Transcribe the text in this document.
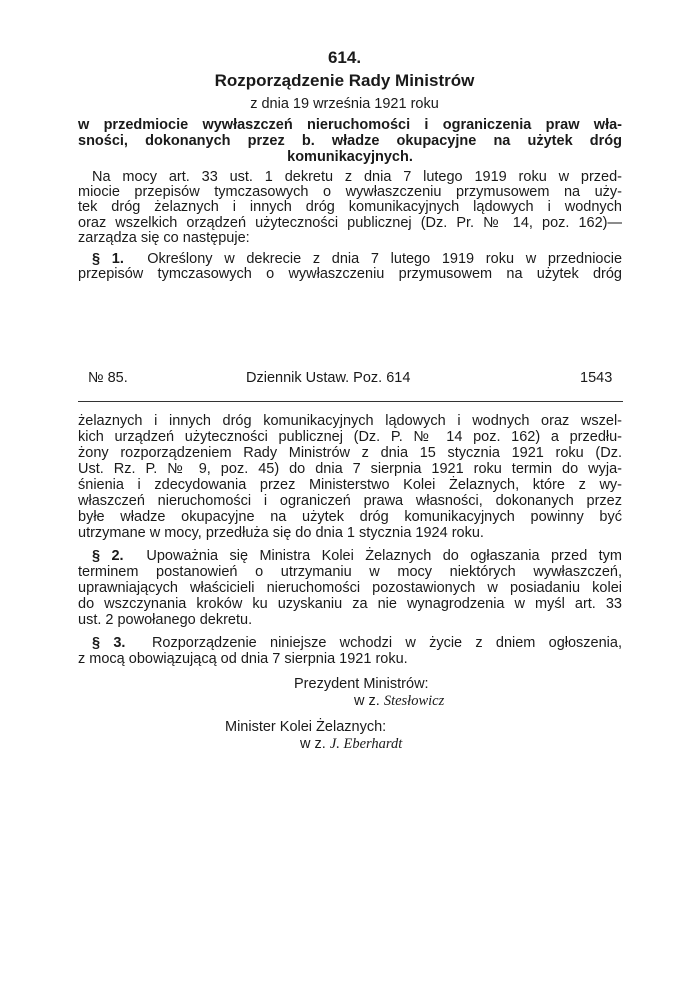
614.
Rozporządzenie Rady Ministrów
z dnia 19 września 1921 roku
w przedmiocie wywłaszczeń nieruchomości i ograniczenia praw wła-
sności, dokonanych przez b. władze okupacyjne na użytek dróg
komunikacyjnych.
Na mocy art. 33 ust. 1 dekretu z dnia 7 lutego 1919 roku w przed-
miocie przepisów tymczasowych o wywłaszczeniu przymusowem na uży-
tek dróg żelaznych i innych dróg komunikacyjnych lądowych i wodnych
oraz wszelkich orządzeń użyteczności publicznej (Dz. Pr. № 14, poz. 162)—
zarządza się co następuje:
§ 1. Określony w dekrecie z dnia 7 lutego 1919 roku w przedniocie
przepisów tymczasowych o wywłaszczeniu przymusowem na użytek dróg
№ 85.	Dziennik Ustaw. Poz. 614	1543
żelaznych i innych dróg komunikacyjnych lądowych i wodnych oraz wszel-
kich urządzeń użyteczności publicznej (Dz. P. № 14 poz. 162) a przedłu-
żony rozporządzeniem Rady Ministrów z dnia 15 stycznia 1921 roku (Dz.
Ust. Rz. P. № 9, poz. 45) do dnia 7 sierpnia 1921 roku termin do wyja-
śnienia i zdecydowania przez Ministerstwo Kolei Żelaznych, które z wy-
właszczeń nieruchomości i ograniczeń prawa własności, dokonanych przez
byłe władze okupacyjne na użytek dróg komunikacyjnych powinny być
utrzymane w mocy, przedłuża się do dnia 1 stycznia 1924 roku.
§ 2. Upoważnia się Ministra Kolei Żelaznych do ogłaszania przed tym
terminem postanowień o utrzymaniu w mocy niektórych wywłaszczeń,
uprawniających właścicieli nieruchomości pozostawionych w posiadaniu kolei
do wszczynania kroków ku uzyskaniu za nie wynagrodzenia w myśl art. 33
ust. 2 powołanego dekretu.
§ 3. Rozporządzenie niniejsze wchodzi w życie z dniem ogłoszenia,
z mocą obowiązującą od dnia 7 sierpnia 1921 roku.
Prezydent Ministrów:
w z. Stesłowicz
Minister Kolei Żelaznych:
w z. J. Eberhardt
